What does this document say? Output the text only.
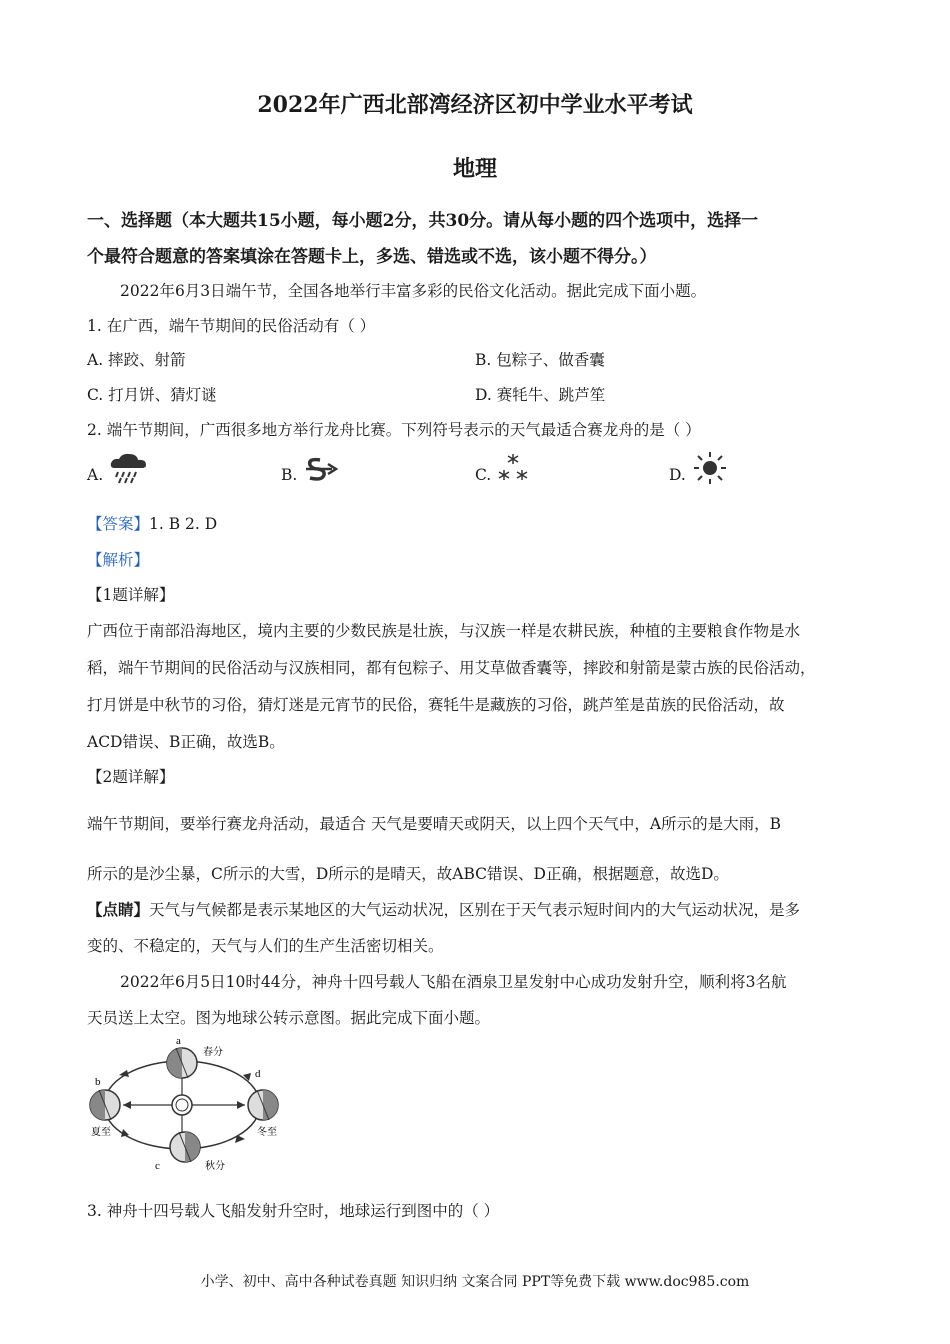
2022年广西北部湾经济区初中学业水平考试
地理
一、选择题（本大题共15小题，每小题2分，共30分。请从每小题的四个选项中，选择一
个最符合题意的答案填涂在答题卡上，多选、错选或不选，该小题不得分。）
2022年6月3日端午节，全国各地举行丰富多彩的民俗文化活动。据此完成下面小题。
1. 在广西，端午节期间的民俗活动有（ ）
A. 摔跤、射箭	B. 包粽子、做香囊
C. 打月饼、猜灯谜	D. 赛牦牛、跳芦笙
2. 端午节期间，广西很多地方举行龙舟比赛。下列符号表示的天气最适合赛龙舟的是（ ）
A.	B.	C.	D.
【答案】1. B 2. D
【解析】
【1题详解】
广西位于南部沿海地区，境内主要的少数民族是壮族，与汉族一样是农耕民族，种植的主要粮食作物是水
稻，端午节期间的民俗活动与汉族相同，都有包粽子、用艾草做香囊等，摔跤和射箭是蒙古族的民俗活动，
打月饼是中秋节的习俗，猜灯迷是元宵节的民俗，赛牦牛是藏族的习俗，跳芦笙是苗族的民俗活动，故
ACD错误、B正确，故选B。
【2题详解】
端午节期间，要举行赛龙舟活动，最适合 天气是要晴天或阴天，以上四个天气中，A所示的是大雨，B
所示的是沙尘暴，C所示的大雪，D所示的是晴天，故ABC错误、D正确，根据题意，故选D。
【点睛】天气与气候都是表示某地区的大气运动状况，区别在于天气表示短时间内的大气运动状况，是多
变的、不稳定的，天气与人们的生产生活密切相关。
2022年6月5日10时44分，神舟十四号载人飞船在酒泉卫星发射中心成功发射升空，顺利将3名航
天员送上太空。图为地球公转示意图。据此完成下面小题。
a
春分
b
夏至
c	秋分
d
冬至
3. 神舟十四号载人飞船发射升空时，地球运行到图中的（ ）
小学、初中、高中各种试卷真题 知识归纳 文案合同 PPT等免费下载 www.doc985.com
